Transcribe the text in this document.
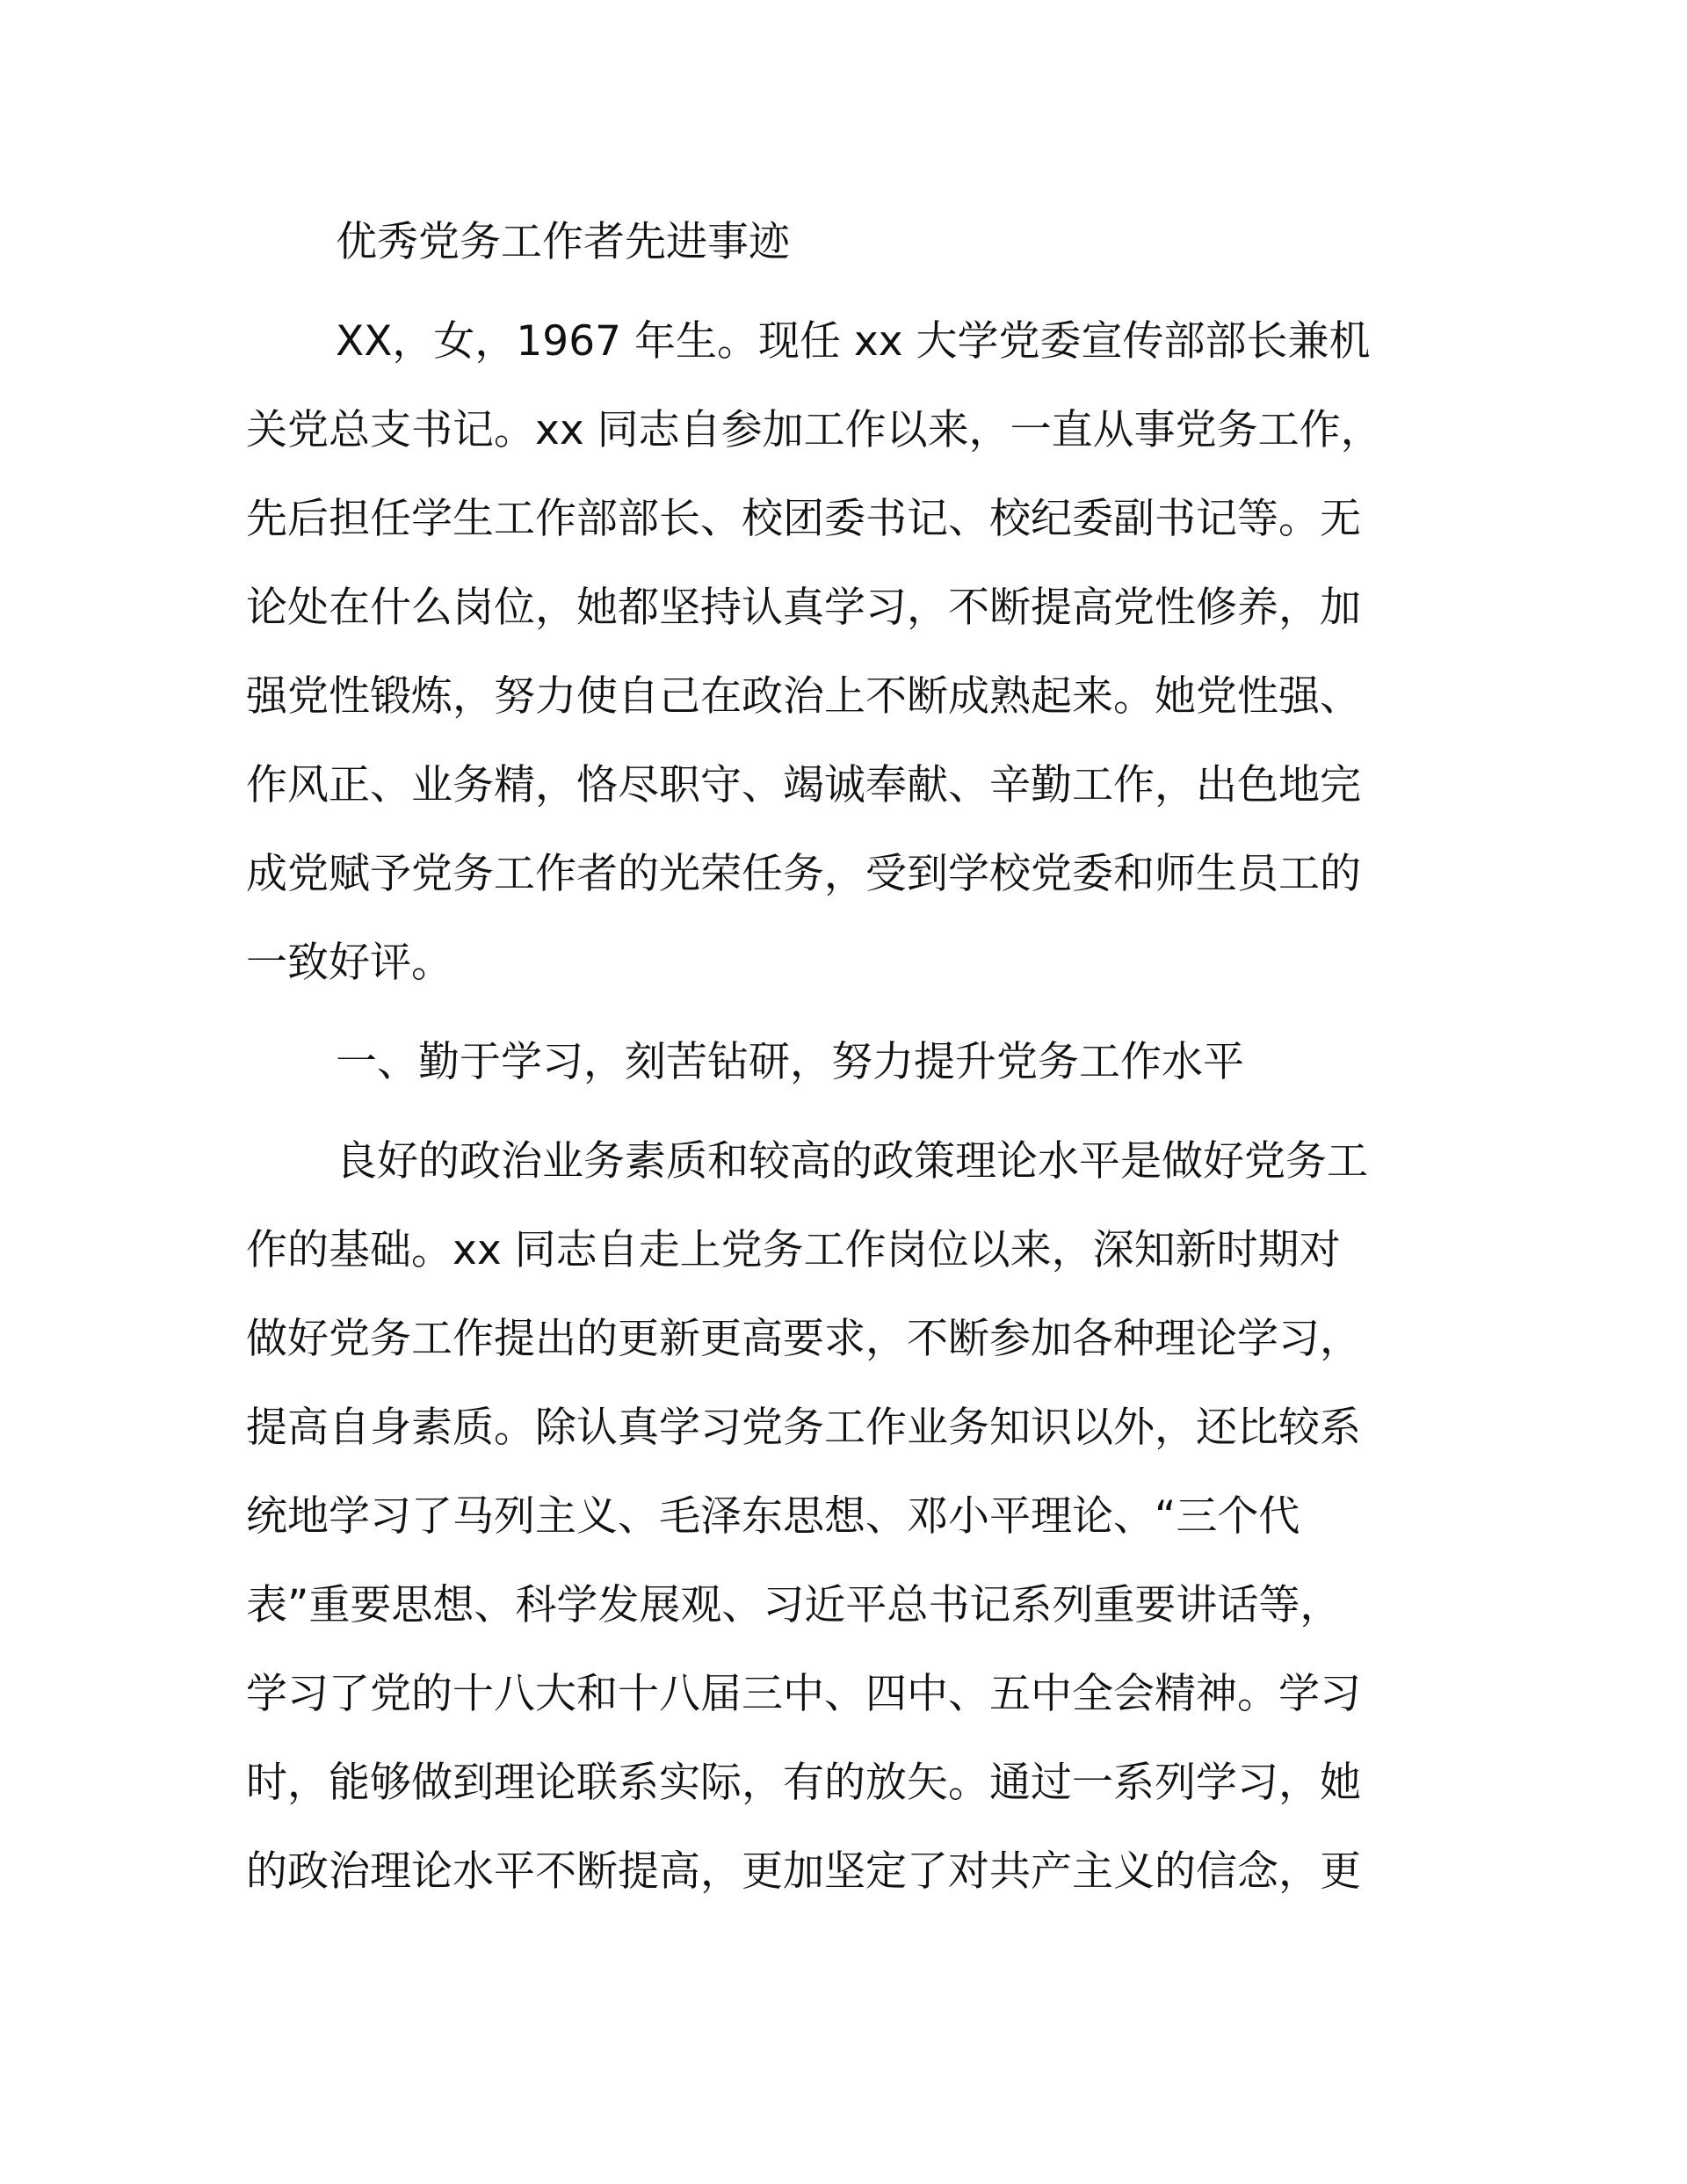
优秀党务工作者先进事迹
XX，女，1967 年生。现任 xx 大学党委宣传部部长兼机
关党总支书记。xx 同志自参加工作以来，一直从事党务工作，
先后担任学生工作部部长、校团委书记、校纪委副书记等。无
论处在什么岗位，她都坚持认真学习，不断提高党性修养，加
强党性锻炼，努力使自己在政治上不断成熟起来。她党性强、
作风正、业务精，恪尽职守、竭诚奉献、辛勤工作，出色地完
成党赋予党务工作者的光荣任务，受到学校党委和师生员工的
一致好评。
一、勤于学习，刻苦钻研，努力提升党务工作水平
良好的政治业务素质和较高的政策理论水平是做好党务工
作的基础。xx 同志自走上党务工作岗位以来，深知新时期对
做好党务工作提出的更新更高要求，不断参加各种理论学习，
提高自身素质。除认真学习党务工作业务知识以外，还比较系
统地学习了马列主义、毛泽东思想、邓小平理论、“三个代
表”重要思想、科学发展观、习近平总书记系列重要讲话等，
学习了党的十八大和十八届三中、四中、五中全会精神。学习
时，能够做到理论联系实际，有的放矢。通过一系列学习，她
的政治理论水平不断提高，更加坚定了对共产主义的信念，更
